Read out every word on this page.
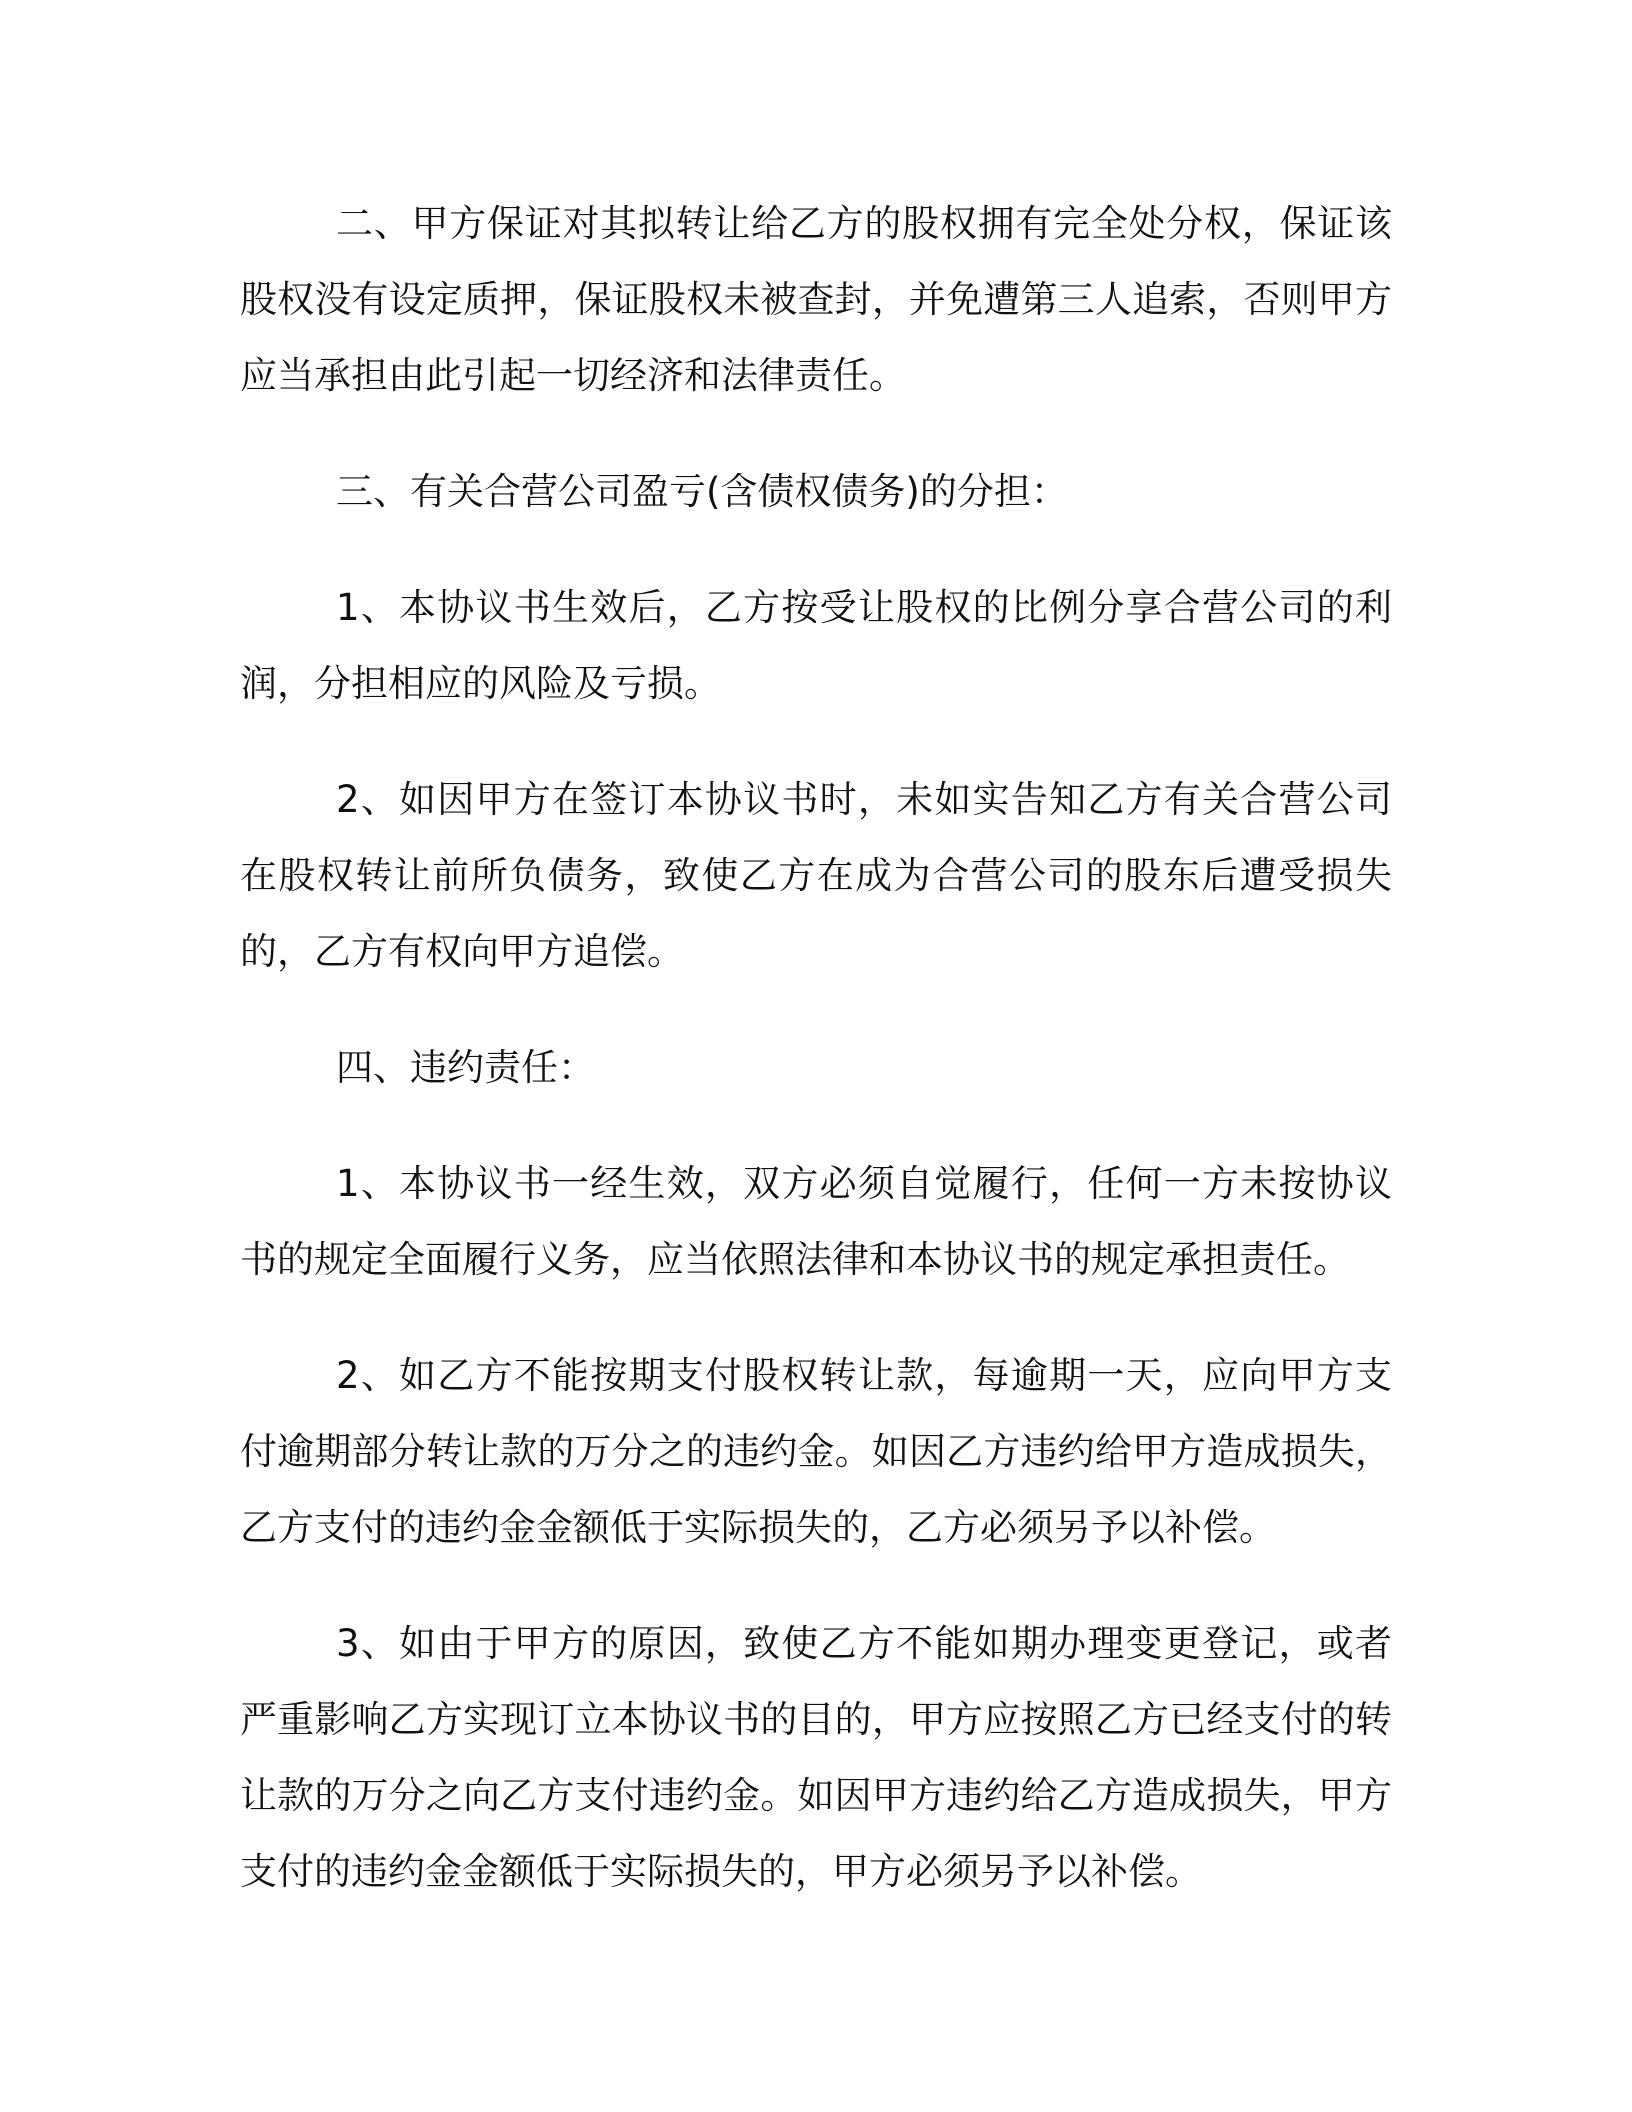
二、甲方保证对其拟转让给乙方的股权拥有完全处分权，保证该股权没有设定质押，保证股权未被查封，并免遭第三人追索，否则甲方应当承担由此引起一切经济和法律责任。

三、有关合营公司盈亏(含债权债务)的分担：

1、本协议书生效后，乙方按受让股权的比例分享合营公司的利润，分担相应的风险及亏损。

2、如因甲方在签订本协议书时，未如实告知乙方有关合营公司在股权转让前所负债务，致使乙方在成为合营公司的股东后遭受损失的，乙方有权向甲方追偿。

四、违约责任：

1、本协议书一经生效，双方必须自觉履行，任何一方未按协议书的规定全面履行义务，应当依照法律和本协议书的规定承担责任。

2、如乙方不能按期支付股权转让款，每逾期一天，应向甲方支付逾期部分转让款的万分之的违约金。如因乙方违约给甲方造成损失，乙方支付的违约金金额低于实际损失的，乙方必须另予以补偿。

3、如由于甲方的原因，致使乙方不能如期办理变更登记，或者严重影响乙方实现订立本协议书的目的，甲方应按照乙方已经支付的转让款的万分之向乙方支付违约金。如因甲方违约给乙方造成损失，甲方支付的违约金金额低于实际损失的，甲方必须另予以补偿。
